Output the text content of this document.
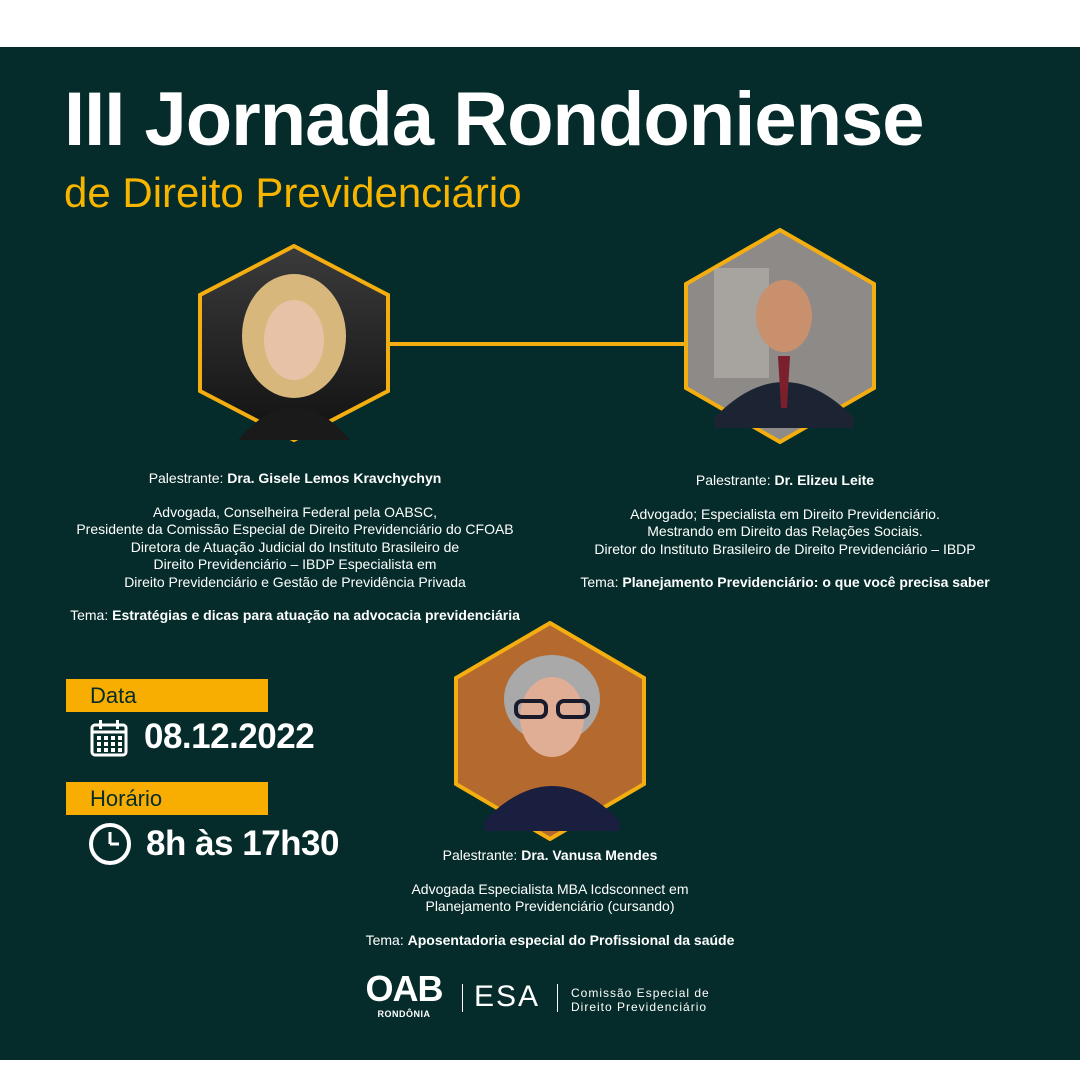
III Jornada Rondoniense
de Direito Previdenciário
Palestrante: Dra. Gisele Lemos Kravchychyn
Advogada, Conselheira Federal pela OABSC,
Presidente da Comissão Especial de Direito Previdenciário do CFOAB
Diretora de Atuação Judicial do Instituto Brasileiro de
Direito Previdenciário – IBDP Especialista em
Direito Previdenciário e Gestão de Previdência Privada
Tema: Estratégias e dicas para atuação na advocacia previdenciária
Palestrante: Dr. Elizeu Leite
Advogado; Especialista em Direito Previdenciário.
Mestrando em Direito das Relações Sociais.
Diretor do Instituto Brasileiro de Direito Previdenciário – IBDP
Tema: Planejamento Previdenciário: o que você precisa saber
Palestrante: Dra. Vanusa Mendes
Advogada Especialista MBA Icdsconnect em
Planejamento Previdenciário (cursando)
Tema: Aposentadoria especial do Profissional da saúde
Data
08.12.2022
Horário
8h às 17h30
OAB
RONDÔNIA
ESA	Comissão Especial de
Direito Previdenciário
